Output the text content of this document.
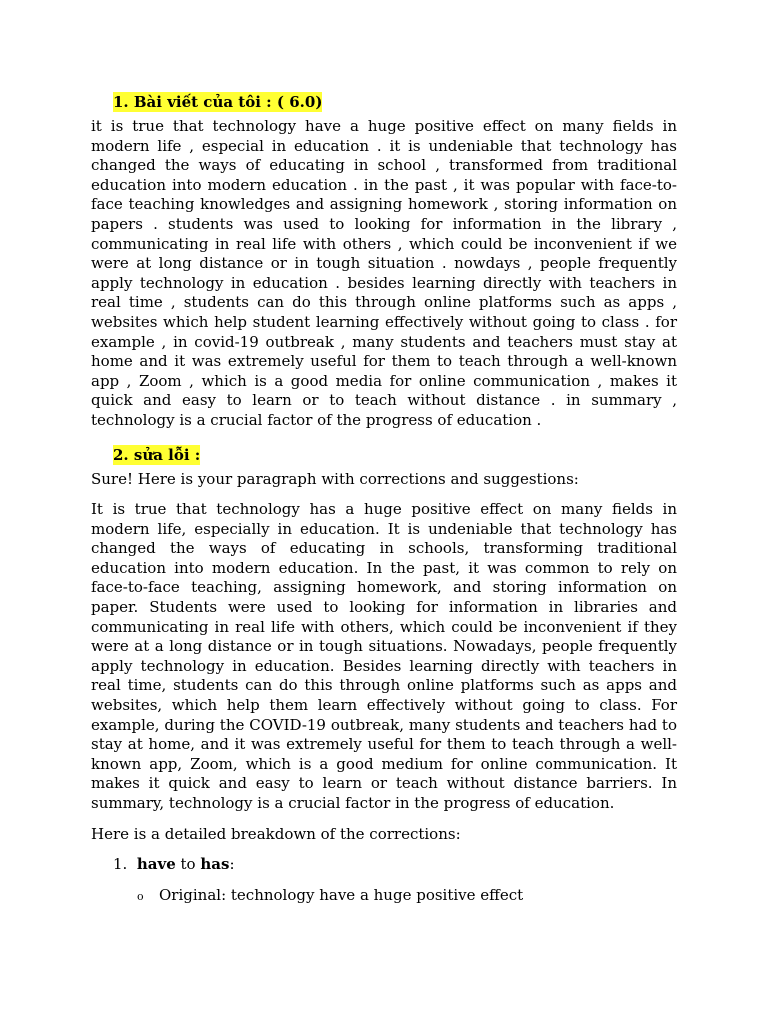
1. Bài viết của tôi : ( 6.0)

it is true that technology have a huge positive effect on many fields in modern life , especial in education . it is undeniable that technology has changed the ways of educating in school , transformed from traditional education into modern education . in the past , it was popular with face-to-face teaching knowledges and assigning homework , storing information on papers . students was used to looking for information in the library , communicating in real life with others , which could be inconvenient if we were at long distance or in tough situation . nowdays , people frequently apply technology in education . besides learning directly with teachers in real time , students can do this through online platforms such as apps , websites which help student learning effectively without going to class . for example , in covid-19 outbreak , many students and teachers must stay at home and it was extremely useful for them to teach through a well-known app , Zoom , which is a good media for online communication , makes it quick and easy to learn or to teach without distance . in summary , technology is a crucial factor of the progress of education .

2. sửa lỗi :

Sure! Here is your paragraph with corrections and suggestions:

It is true that technology has a huge positive effect on many fields in modern life, especially in education. It is undeniable that technology has changed the ways of educating in schools, transforming traditional education into modern education. In the past, it was common to rely on face-to-face teaching, assigning homework, and storing information on paper. Students were used to looking for information in libraries and communicating in real life with others, which could be inconvenient if they were at a long distance or in tough situations. Nowadays, people frequently apply technology in education. Besides learning directly with teachers in real time, students can do this through online platforms such as apps and websites, which help them learn effectively without going to class. For example, during the COVID-19 outbreak, many students and teachers had to stay at home, and it was extremely useful for them to teach through a well-known app, Zoom, which is a good medium for online communication. It makes it quick and easy to learn or teach without distance barriers. In summary, technology is a crucial factor in the progress of education.

Here is a detailed breakdown of the corrections:

1. have to has:
o Original: technology have a huge positive effect
